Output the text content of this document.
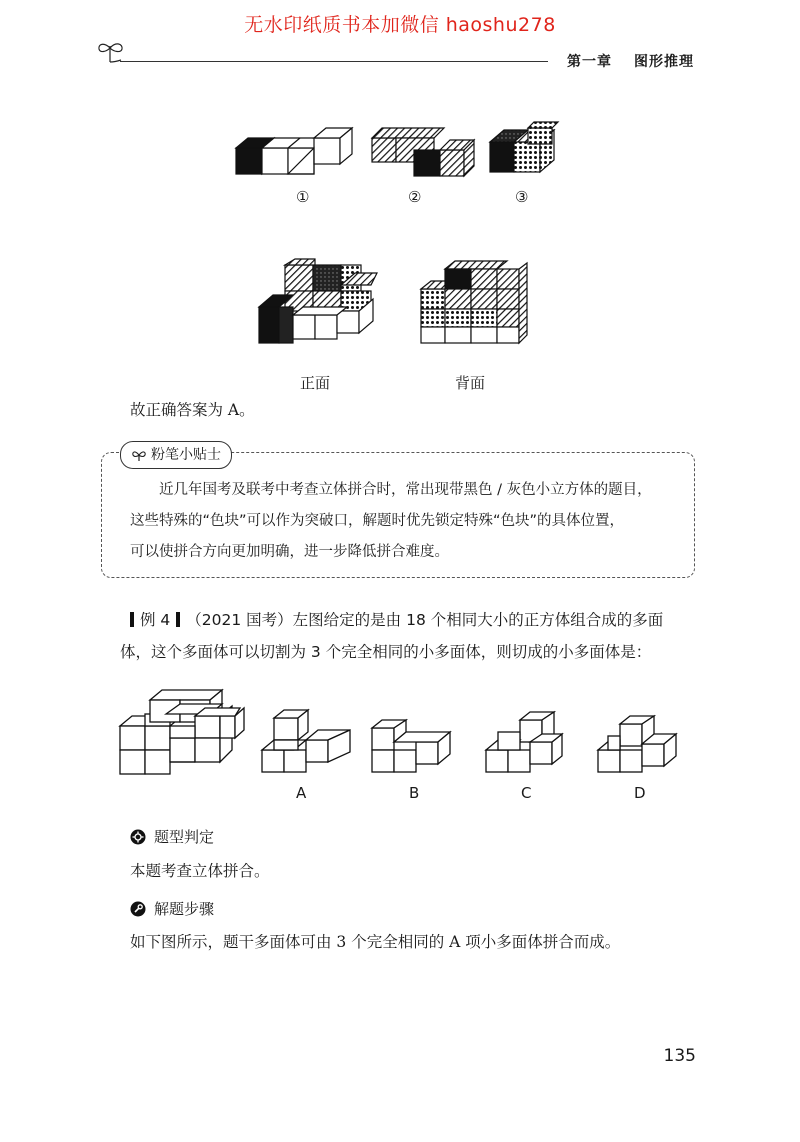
无水印纸质书本加微信 haoshu278
第一章 图形推理
①	②	③
正面	背面
故正确答案为 A。
粉笔小贴士

近几年国考及联考中考查立体拼合时，常出现带黑色 / 灰色小立方体的题目，

这些特殊的“色块”可以作为突破口，解题时优先锁定特殊“色块”的具体位置，

可以使拼合方向更加明确，进一步降低拼合难度。

例 4 （2021 国考）左图给定的是由 18 个相同大小的正方体组合成的多面
体，这个多面体可以切割为 3 个完全相同的小多面体，则切成的小多面体是：
A	B	C	D
题型判定
本题考查立体拼合。
解题步骤
如下图所示，题干多面体可由 3 个完全相同的 A 项小多面体拼合而成。
135
